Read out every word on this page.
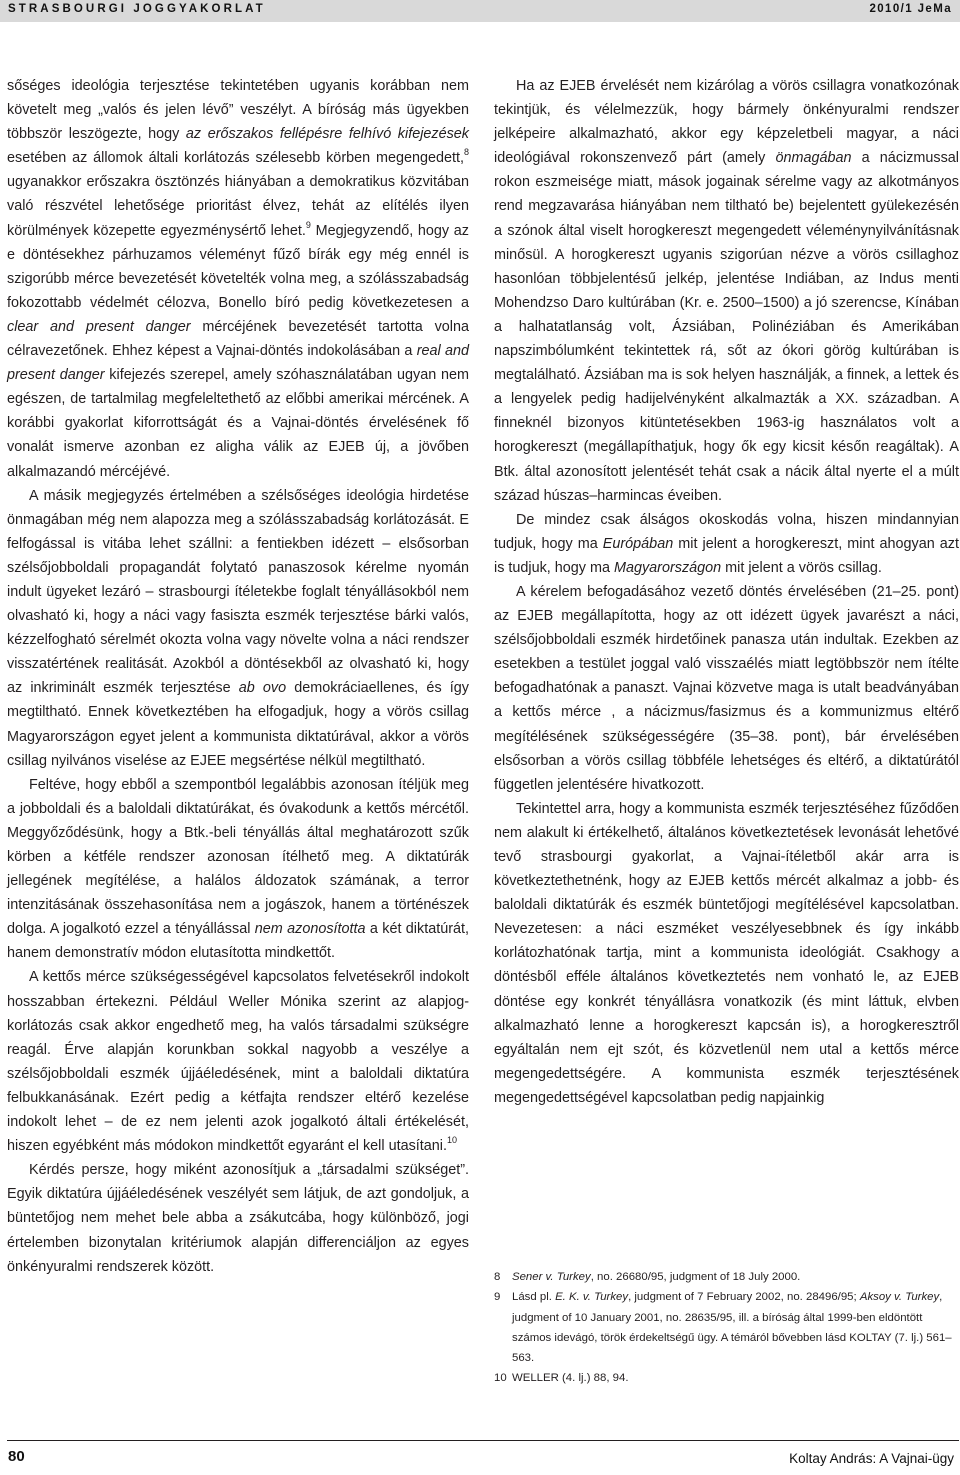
STRASBOURGI JOGGYAKORLAT	2010/1 JeMa

sőséges ideológia terjesztése tekintetében ugyanis korábban nem követelt meg „valós és jelen lévő” veszélyt. A bíróság más ügyekben többször leszögezte, hogy az erőszakos fellépésre felhívó kifejezések esetében az állomok általi korlátozás szélesebb körben megengedett,$^8$ ugyanakkor erőszakra ösztönzés hiányában a demokratikus közvitában való részvétel lehetősége prioritást élvez, tehát az elítélés ilyen körülmények közepette egyezménysértő lehet.$^9$ Megjegyzendő, hogy az e döntésekhez párhuzamos véleményt fűző bírák egy még ennél is szigorúbb mérce bevezetését követelték volna meg, a szólásszabadság fokozottabb védelmét célozva, Bonello bíró pedig következetesen a clear and present danger mércéjének bevezetését tartotta volna célravezetőnek. Ehhez képest a Vajnai-döntés indokolásában a real and present danger kifejezés szerepel, amely szóhasználatában ugyan nem egészen, de tartalmilag megfeleltethető az előbbi amerikai mércének. A korábbi gyakorlat kiforrottságát és a Vajnai-döntés érvelésének fő vonalát ismerve azonban ez aligha válik az EJEB új, a jövőben alkalmazandó mércéjévé.

A másik megjegyzés értelmében a szélsőséges ideológia hirdetése önmagában még nem alapozza meg a szólásszabadság korlátozását. E felfogással is vitába lehet szállni: a fentiekben idézett – elsősorban szélsőjobboldali propagandát folytató panaszosok kérelme nyomán indult ügyeket lezáró – strasbourgi ítéletekbe foglalt tényállásokból nem olvasható ki, hogy a náci vagy fasiszta eszmék terjesztése bárki valós, kézzelfogható sérelmét okozta volna vagy növelte volna a náci rendszer visszatértének realitását. Azokból a döntésekből az olvasható ki, hogy az inkriminált eszmék terjesztése ab ovo demokráciaellenes, és így megtiltható. Ennek következtében ha elfogadjuk, hogy a vörös csillag Magyarországon egyet jelent a kommunista diktatúrával, akkor a vörös csillag nyilvános viselése az EJEE megsértése nélkül megtiltható.

Feltéve, hogy ebből a szempontból legalábbis azonosan ítéljük meg a jobboldali és a baloldali diktatúrákat, és óvakodunk a kettős mércétől. Meggyőződésünk, hogy a Btk.-beli tényállás által meghatározott szűk körben a kétféle rendszer azonosan ítélhető meg. A diktatúrák jellegének megítélése, a halálos áldozatok számának, a terror intenzitásának összehasonítása nem a jogászok, hanem a történészek dolga. A jogalkotó ezzel a tényállással nem azonosította a két diktatúrát, hanem demonstratív módon elutasította mindkettőt.

A kettős mérce szükségességével kapcsolatos felvetésekről indokolt hosszabban értekezni. Például Weller Mónika szerint az alapjog-korlátozás csak akkor engedhető meg, ha valós társadalmi szükségre reagál. Érve alapján korunkban sokkal nagyobb a veszélye a szélsőjobboldali eszmék újjáéledésének, mint a baloldali diktatúra felbukkanásának. Ezért pedig a kétfajta rendszer eltérő kezelése indokolt lehet – de ez nem jelenti azok jogalkotó általi értékelését, hiszen egyébként más módokon mindkettőt egyaránt el kell utasítani.$^{10}$

Kérdés persze, hogy miként azonosítjuk a „társadalmi szükséget”. Egyik diktatúra újjáéledésének veszélyét sem látjuk, de azt gondoljuk, a büntetőjog nem mehet bele abba a zsákutcába, hogy különböző, jogi értelemben bizonytalan kritériumok alapján differenciáljon az egyes önkényuralmi rendszerek között.

Ha az EJEB érvelését nem kizárólag a vörös csillagra vonatkozónak tekintjük, és vélelmezzük, hogy bármely önkényuralmi rendszer jelképeire alkalmazható, akkor egy képzeletbeli magyar, a náci ideológiával rokonszenvező párt (amely önmagában a nácizmussal rokon eszmeisége miatt, mások jogainak sérelme vagy az alkotmányos rend megzavarása hiányában nem tiltható be) bejelentett gyülekezésén a szónok által viselt horogkereszt megengedett véleménynyilvánításnak minősül. A horogkereszt ugyanis szigorúan nézve a vörös csillaghoz hasonlóan többjelentésű jelkép, jelentése Indiában, az Indus menti Mohendzso Daro kultúrában (Kr. e. 2500–1500) a jó szerencse, Kínában a halhatatlanság volt, Ázsiában, Polinéziában és Amerikában napszimbólumként tekintettek rá, sőt az ókori görög kultúrában is megtalálható. Ázsiában ma is sok helyen használják, a finnek, a lettek és a lengyelek pedig hadijelvényként alkalmazták a XX. században. A finneknél bizonyos kitüntetésekben 1963-ig használatos volt a horogkereszt (megállapíthatjuk, hogy ők egy kicsit későn reagáltak). A Btk. által azonosított jelentését tehát csak a nácik által nyerte el a múlt század húszas–harmincas éveiben.

De mindez csak álságos okoskodás volna, hiszen mindannyian tudjuk, hogy ma Európában mit jelent a horogkereszt, mint ahogyan azt is tudjuk, hogy ma Magyarországon mit jelent a vörös csillag.

A kérelem befogadásához vezető döntés érvelésében (21–25. pont) az EJEB megállapította, hogy az ott idézett ügyek javarészt a náci, szélsőjobboldali eszmék hirdetőinek panasza után indultak. Ezekben az esetekben a testület joggal való visszaélés miatt legtöbbször nem ítélte befogadhatónak a panaszt. Vajnai közvetve maga is utalt beadványában a kettős mérce , a nácizmus/fasizmus és a kommunizmus eltérő megítélésének szükségességére (35–38. pont), bár érvelésében elsősorban a vörös csillag többféle lehetséges és eltérő, a diktatúrától független jelentésére hivatkozott.

Tekintettel arra, hogy a kommunista eszmék terjesztéséhez fűződően nem alakult ki értékelhető, általános következtetések levonását lehetővé tevő strasbourgi gyakorlat, a Vajnai-ítéletből akár arra is következtethetnénk, hogy az EJEB kettős mércét alkalmaz a jobb- és baloldali diktatúrák és eszmék büntetőjogi megítélésével kapcsolatban. Nevezetesen: a náci eszméket veszélyesebbnek és így inkább korlátozhatónak tartja, mint a kommunista ideológiát. Csakhogy a döntésből efféle általános következtetés nem vonható le, az EJEB döntése egy konkrét tényállásra vonatkozik (és mint láttuk, elvben alkalmazható lenne a horogkereszt kapcsán is), a horogkeresztről egyáltalán nem ejt szót, és közvetlenül nem utal a kettős mérce megengedettségére. A kommunista eszmék terjesztésének megengedettségével kapcsolatban pedig napjainkig

8	Sener v. Turkey, no. 26680/95, judgment of 18 July 2000.
9	Lásd pl. E. K. v. Turkey, judgment of 7 February 2002, no. 28496/95; Aksoy v. Turkey, judgment of 10 January 2001, no. 28635/95, ill. a bíróság által 1999-ben eldöntött számos idevágó, török érdekeltségű ügy. A témáról bővebben lásd KOLTAY (7. lj.) 561–563.
10 WELLER (4. lj.) 88, 94.
80	Koltay András: A Vajnai-ügy
